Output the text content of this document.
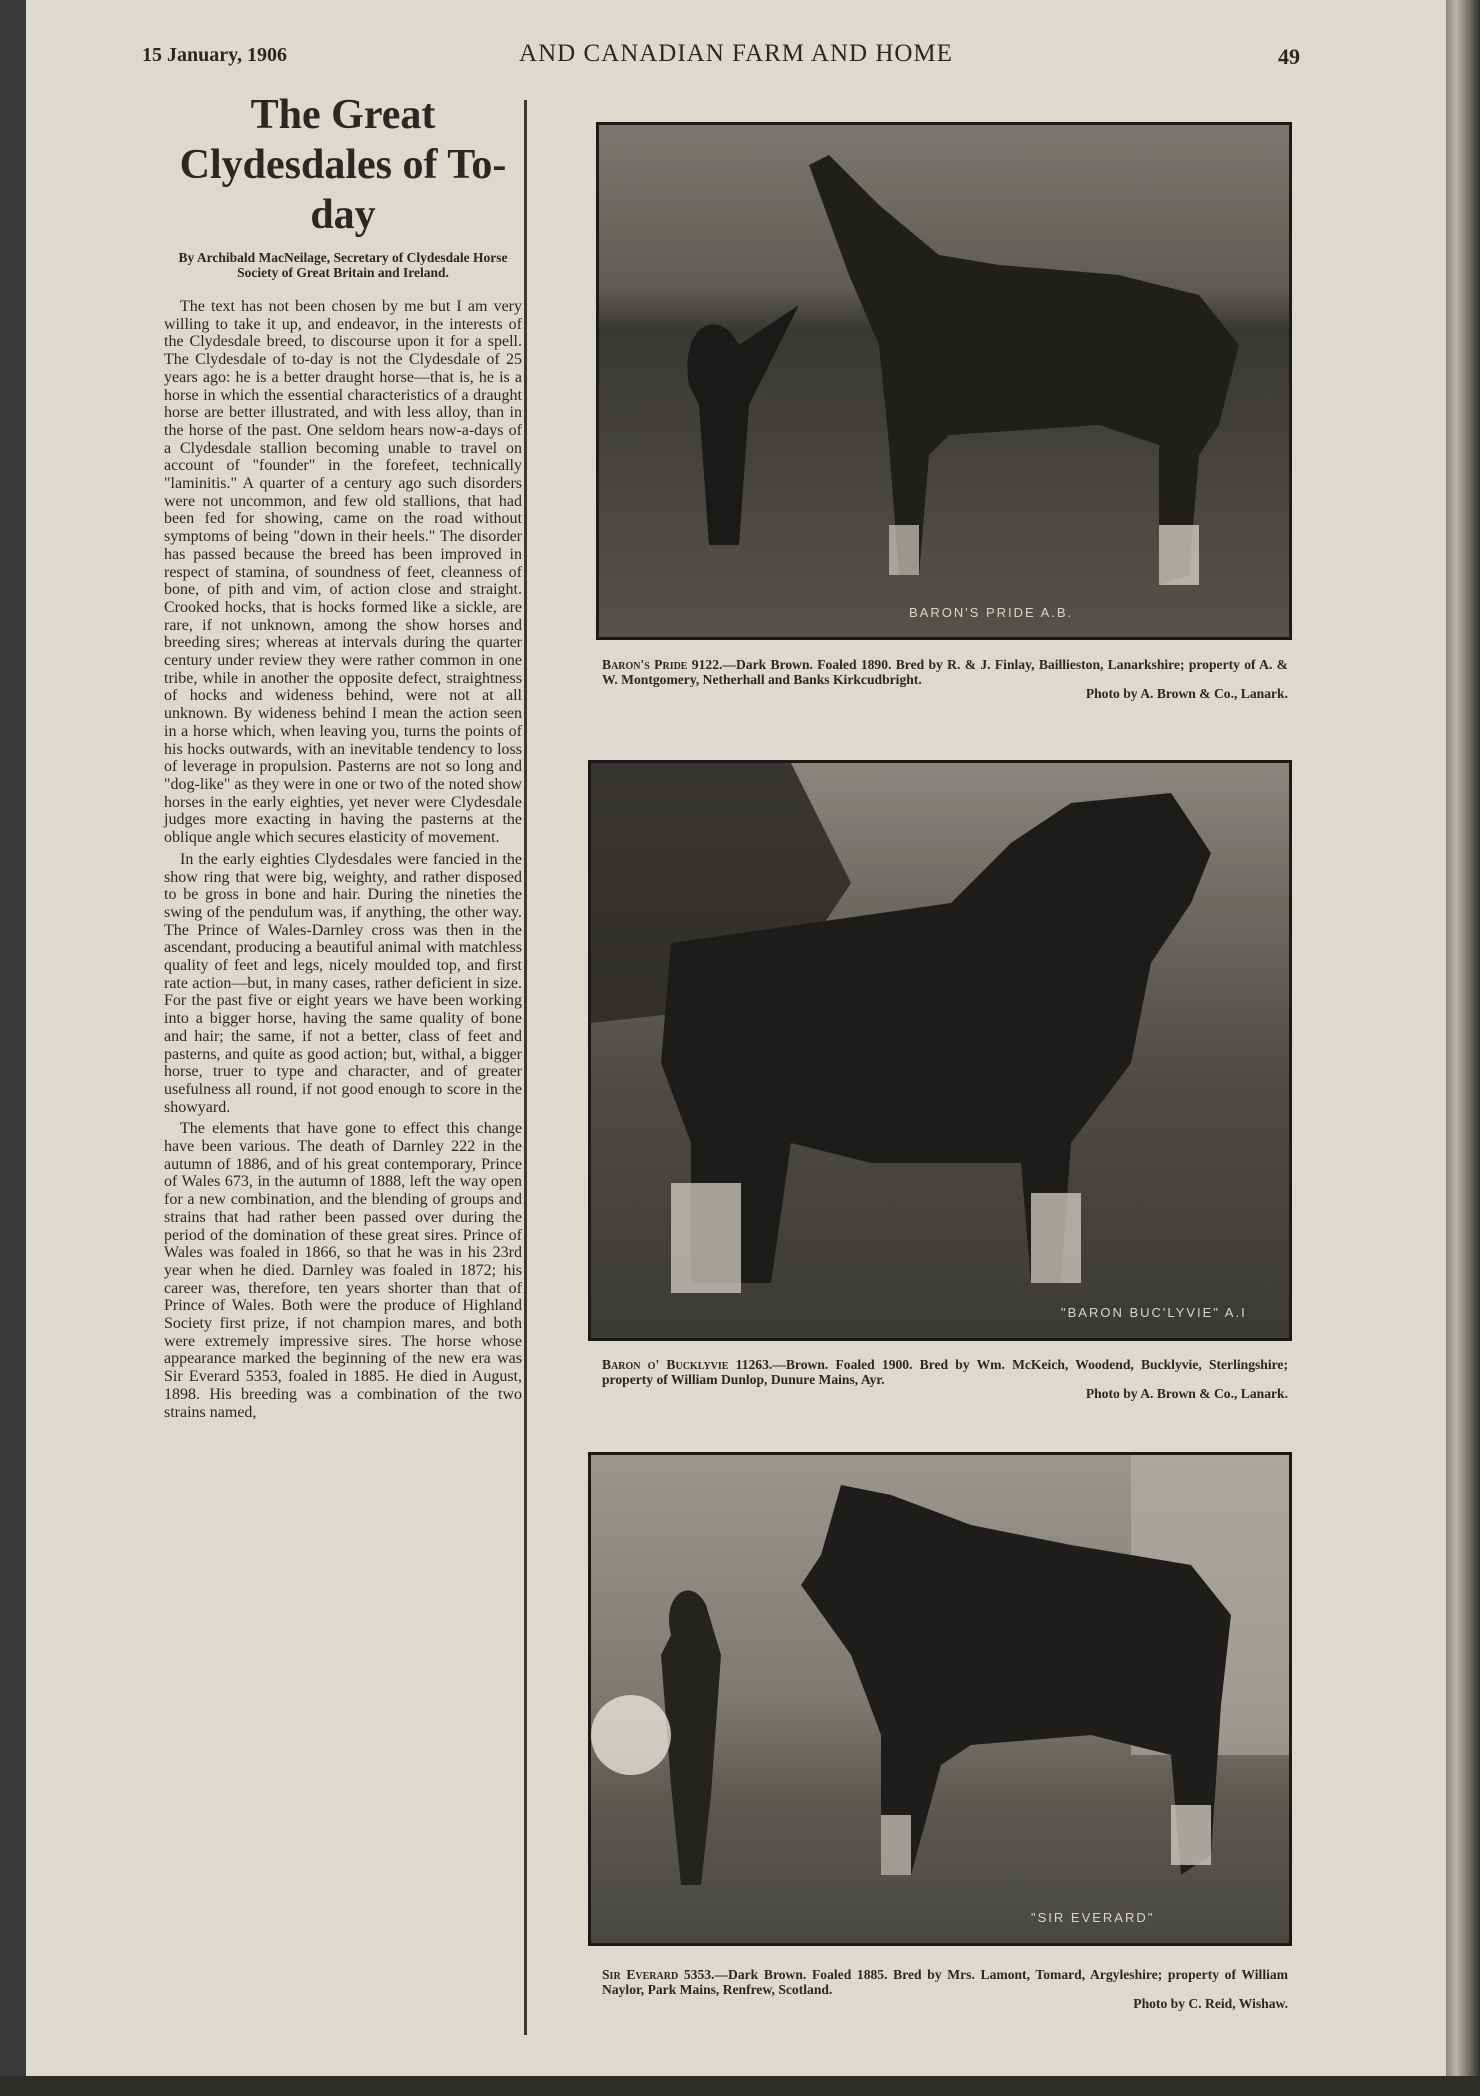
15 January, 1906	AND CANADIAN FARM AND HOME	49
The Great
Clydesdales of To-day
By Archibald MacNeilage, Secretary of Clydesdale Horse Society of Great Britain and Ireland.

The text has not been chosen by me but I am very willing to take it up, and endeavor, in the interests of the Clydesdale breed, to discourse upon it for a spell. The Clydesdale of to-day is not the Clydesdale of 25 years ago: he is a better draught horse—that is, he is a horse in which the essential characteristics of a draught horse are better illustrated, and with less alloy, than in the horse of the past. One seldom hears now-a-days of a Clydesdale stallion becoming unable to travel on account of "founder" in the forefeet, technically "laminitis." A quarter of a century ago such disorders were not uncommon, and few old stallions, that had been fed for showing, came on the road without symptoms of being "down in their heels." The disorder has passed because the breed has been improved in respect of stamina, of soundness of feet, cleanness of bone, of pith and vim, of action close and straight. Crooked hocks, that is hocks formed like a sickle, are rare, if not unknown, among the show horses and breeding sires; whereas at intervals during the quarter century under review they were rather common in one tribe, while in another the opposite defect, straightness of hocks and wideness behind, were not at all unknown. By wideness behind I mean the action seen in a horse which, when leaving you, turns the points of his hocks outwards, with an inevitable tendency to loss of leverage in propulsion. Pasterns are not so long and "dog-like" as they were in one or two of the noted show horses in the early eighties, yet never were Clydesdale judges more exacting in having the pasterns at the oblique angle which secures elasticity of movement.

In the early eighties Clydesdales were fancied in the show ring that were big, weighty, and rather disposed to be gross in bone and hair. During the nineties the swing of the pendulum was, if anything, the other way. The Prince of Wales-Darnley cross was then in the ascendant, producing a beautiful animal with matchless quality of feet and legs, nicely moulded top, and first rate action—but, in many cases, rather deficient in size. For the past five or eight years we have been working into a bigger horse, having the same quality of bone and hair; the same, if not a better, class of feet and pasterns, and quite as good action; but, withal, a bigger horse, truer to type and character, and of greater usefulness all round, if not good enough to score in the showyard.

The elements that have gone to effect this change have been various. The death of Darnley 222 in the autumn of 1886, and of his great contemporary, Prince of Wales 673, in the autumn of 1888, left the way open for a new combination, and the blending of groups and strains that had rather been passed over during the period of the domination of these great sires. Prince of Wales was foaled in 1866, so that he was in his 23rd year when he died. Darnley was foaled in 1872; his career was, therefore, ten years shorter than that of Prince of Wales. Both were the produce of Highland Society first prize, if not champion mares, and both were extremely impressive sires. The horse whose appearance marked the beginning of the new era was Sir Everard 5353, foaled in 1885. He died in August, 1898. His breeding was a combination of the two strains named,

BARON'S PRIDE A.B.
Baron's Pride 9122.—Dark Brown. Foaled 1890. Bred by R. & J. Finlay, Baillieston, Lanarkshire; property of A. & W. Montgomery, Netherhall and Banks Kirkcudbright.
Photo by A. Brown & Co., Lanark.
"BARON BUC'LYVIE" A.I
Baron o' Bucklyvie 11263.—Brown. Foaled 1900. Bred by Wm. McKeich, Woodend, Bucklyvie, Sterlingshire; property of William Dunlop, Dunure Mains, Ayr.
Photo by A. Brown & Co., Lanark.
"SIR EVERARD"
Sir Everard 5353.—Dark Brown. Foaled 1885. Bred by Mrs. Lamont, Tomard, Argyleshire; property of William Naylor, Park Mains, Renfrew, Scotland.
Photo by C. Reid, Wishaw.
